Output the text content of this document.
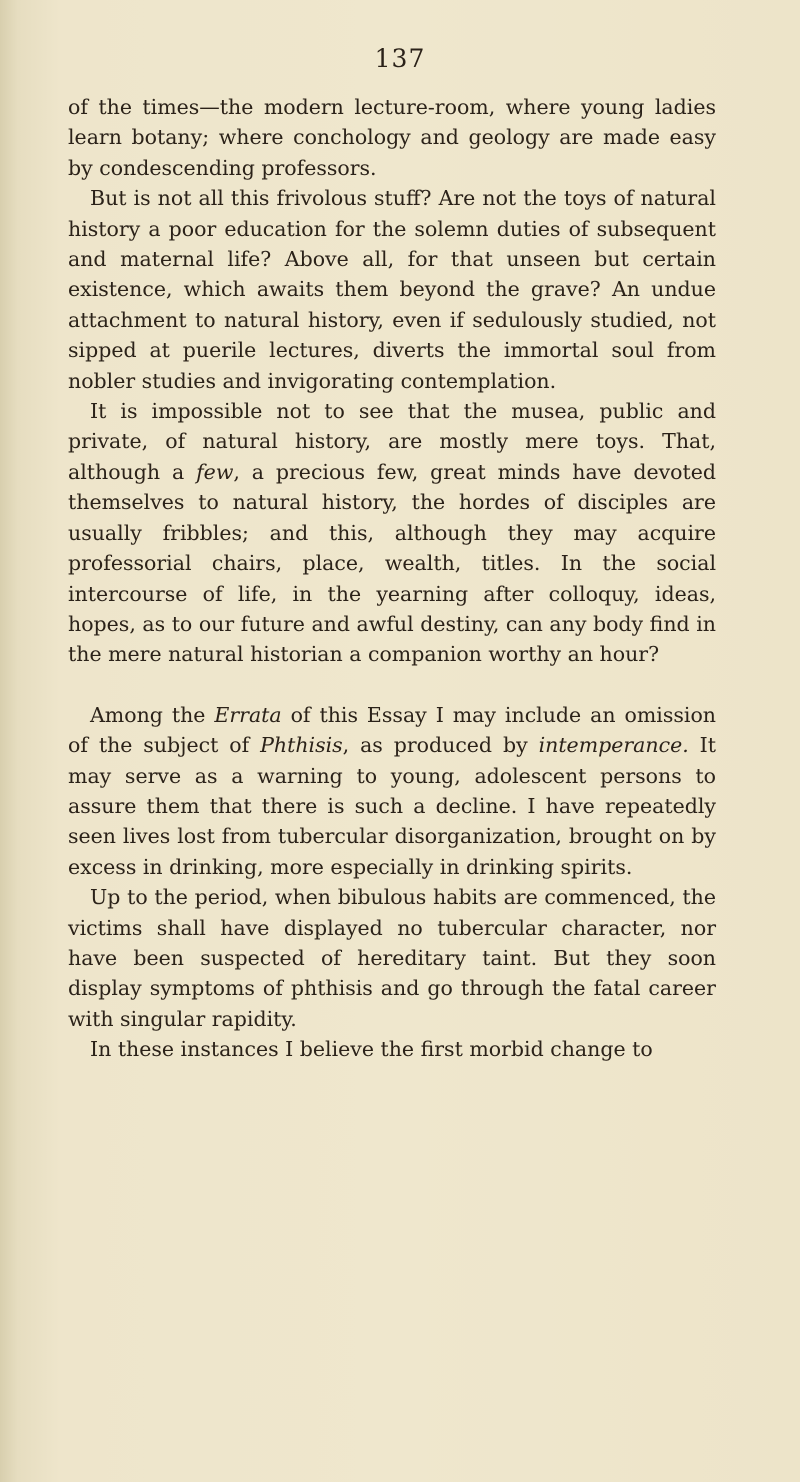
137

of the times—the modern lecture-room, where young ladies learn botany; where conchology and geology are made easy by condescending professors.

But is not all this frivolous stuff? Are not the toys of natural history a poor education for the solemn duties of subsequent and maternal life? Above all, for that unseen but certain existence, which awaits them beyond the grave? An undue attachment to natural history, even if sedulously studied, not sipped at puerile lectures, diverts the immortal soul from nobler studies and invigorating contemplation.

It is impossible not to see that the musea, public and private, of natural history, are mostly mere toys. That, although a few, a precious few, great minds have devoted themselves to natural history, the hordes of disciples are usually fribbles; and this, although they may acquire professorial chairs, place, wealth, titles. In the social intercourse of life, in the yearning after colloquy, ideas, hopes, as to our future and awful destiny, can any body find in the mere natural historian a companion worthy an hour?

Among the Errata of this Essay I may include an omission of the subject of Phthisis, as produced by intemperance. It may serve as a warning to young, adolescent persons to assure them that there is such a decline. I have repeatedly seen lives lost from tubercular disorganization, brought on by excess in drinking, more especially in drinking spirits.

Up to the period, when bibulous habits are commenced, the victims shall have displayed no tubercular character, nor have been suspected of hereditary taint. But they soon display symptoms of phthisis and go through the fatal career with singular rapidity.

In these instances I believe the first morbid change to
